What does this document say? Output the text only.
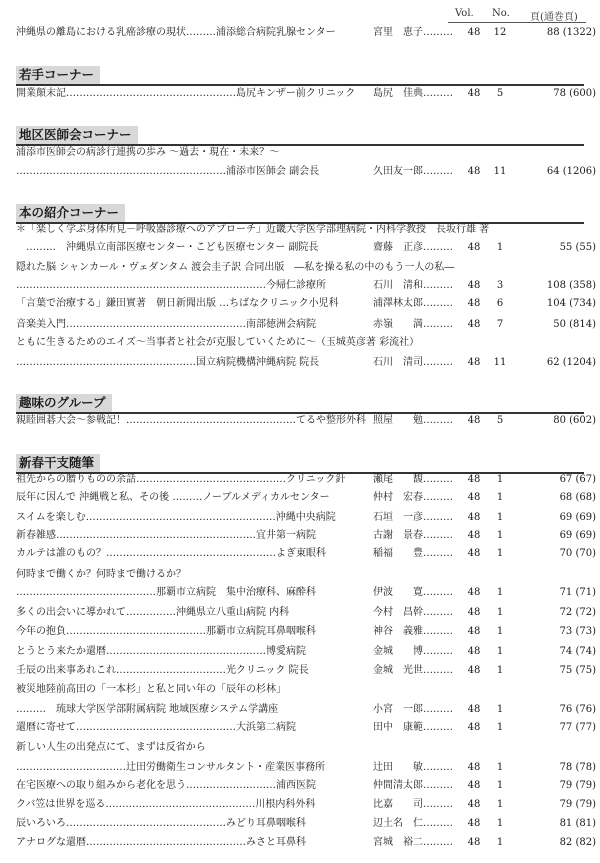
Vol. No. 頁(通巻頁)
沖縄県の離島における乳癌診療の現状………浦添総合病院乳腺センター	宮里　恵子……… 48 12	88 (1322)
若手コーナー
開業顛末記……………………………………………島尻キンザー前クリニック	島尻　佳典……… 48	5	78 (600)
地区医師会コーナー
浦添市医師会の病診行連携の歩み ～過去・現在・未来？～
………………………………………………………浦添市医師会 副会長	久田友一郎……… 48 11	64 (1206)
本の紹介コーナー
＊「楽しく学ぶ身体所見－呼吸器診療へのアプローチ」近畿大学医学部理病院・内科学教授　長坂行雄 著
　………　沖縄県立南部医療センター・こども医療センター 副院長	齋藤　正彦……… 48	1	55 (55)
隠れた脳 シャンカール・ヴェダンタム 渡会圭子訳 合同出版　―私を操る私の中のもう一人の私―
…………………………………………………………………今帰仁診療所	石川　清和……… 48	3	108 (358)
「言葉で治療する」鎌田實著　朝日新聞出版 …ちばなクリニック小児科	浦澤林太郎……… 48	6	104 (734)
音楽美入門………………………………………………南部徳洲会病院	赤嶺　　満……… 48	7	50 (814)
ともに生きるためのエイズ～当事者と社会が克服していくために～（玉城英彦著 彩流社）
………………………………………………国立病院機構沖縄病院 院長	石川　清司……… 48 11	62 (1204)
趣味のグループ
親睦囲碁大会～参戦記！……………………………………………てるや整形外科 照屋　　勉……… 48	5	80 (602)
新春干支随筆
祖先からの贈りものの余話………………………………………クリニック針	瀬尾　　馥……… 48	1	67 (67)
辰年に因んで 沖縄戦と私、その後 ………ノーブルメディカルセンター	仲村　宏春……… 48	1	68 (68)
スイムを楽しむ…………………………………………………沖縄中央病院	石垣　一彦……… 48	1	69 (69)
新春雑感……………………………………………………宜井第一病院	古謝　景春……… 48	1	69 (69)
カルテは誰のもの？……………………………………………よぎ東眼科	稲福　　豊……… 48	1	70 (70)
何時まで働くか？何時まで働けるか？
……………………………………那覇市立病院　集中治療科、麻酔科	伊波　　寛……… 48	1	71 (71)
多くの出会いに導かれて……………沖縄県立八重山病院 内科	今村　昌幹……… 48	1	72 (72)
今年の抱負……………………………………那覇市立病院耳鼻咽喉科	神谷　義雅……… 48	1	73 (73)
とうとう来たか還暦…………………………………………博愛病院	金城　　博……… 48	1	74 (74)
壬辰の出来事あれこれ……………………………光クリニック 院長	金城　光世……… 48	1	75 (75)
被災地陸前高田の「一本杉」と私と同い年の「辰年の杉林」
………　琉球大学医学部附属病院 地域医療システム学講座	小宮　一郎……… 48	1	76 (76)
還暦に寄せて…………………………………………大浜第二病院	田中　康範……… 48	1	77 (77)
新しい人生の出発点にて、まずは反省から
……………………………辻田労働衛生コンサルタント・産業医事務所	辻田　　敏……… 48	1	78 (78)
在宅医療への取り組みから老化を思う………………………浦西医院	仲間清太郎……… 48	1	79 (79)
クバ笠は世界を巡る………………………………………川根内科外科	比嘉　　司……… 48	1	79 (79)
辰いろいろ…………………………………………みどり耳鼻咽喉科	辺土名　仁……… 48	1	81 (81)
アナログな還暦…………………………………………みさと耳鼻科	宮城　裕二……… 48	1	82 (82)
